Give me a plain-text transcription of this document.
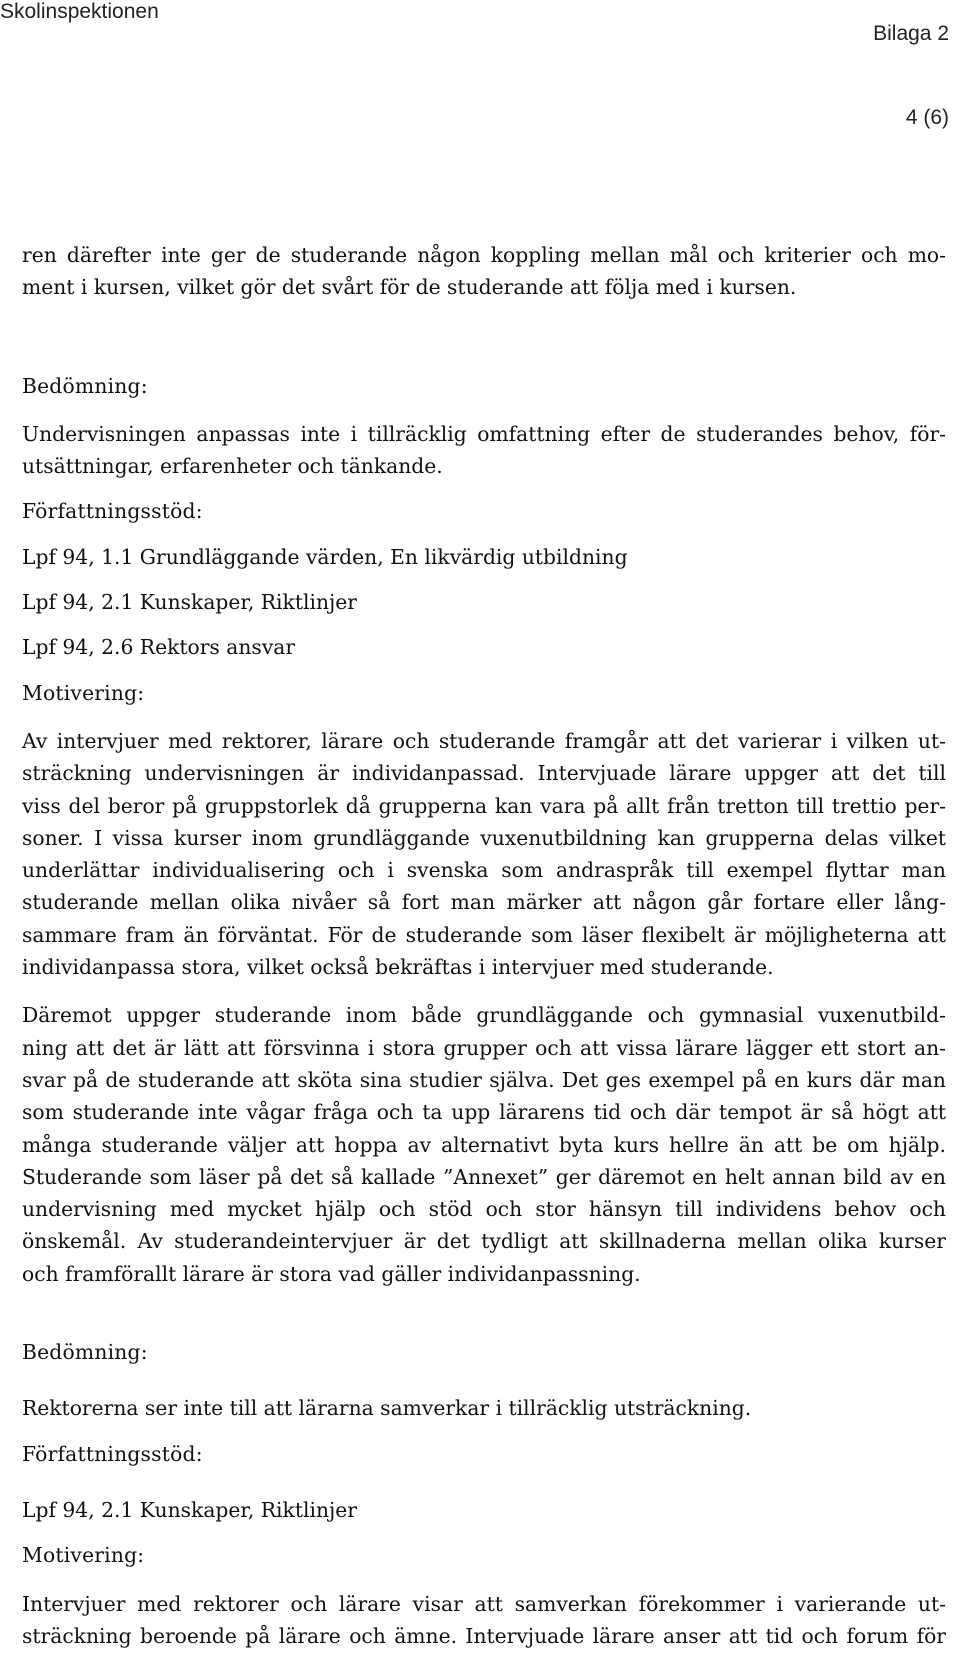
Skolinspektionen
Bilaga 2
4 (6)

ren därefter inte ger de studerande någon koppling mellan mål och kriterier och mo-
ment i kursen, vilket gör det svårt för de studerande att följa med i kursen.

Bedömning:

Undervisningen anpassas inte i tillräcklig omfattning efter de studerandes behov, för-
utsättningar, erfarenheter och tänkande.

Författningsstöd:

Lpf 94, 1.1 Grundläggande värden, En likvärdig utbildning

Lpf 94, 2.1 Kunskaper, Riktlinjer

Lpf 94, 2.6 Rektors ansvar

Motivering:

Av intervjuer med rektorer, lärare och studerande framgår att det varierar i vilken ut-
sträckning undervisningen är individanpassad. Intervjuade lärare uppger att det till
viss del beror på gruppstorlek då grupperna kan vara på allt från tretton till trettio per-
soner. I vissa kurser inom grundläggande vuxenutbildning kan grupperna delas vilket
underlättar individualisering och i svenska som andraspråk till exempel flyttar man
studerande mellan olika nivåer så fort man märker att någon går fortare eller lång-
sammare fram än förväntat. För de studerande som läser flexibelt är möjligheterna att
individanpassa stora, vilket också bekräftas i intervjuer med studerande.

Däremot uppger studerande inom både grundläggande och gymnasial vuxenutbild-
ning att det är lätt att försvinna i stora grupper och att vissa lärare lägger ett stort an-
svar på de studerande att sköta sina studier själva. Det ges exempel på en kurs där man
som studerande inte vågar fråga och ta upp lärarens tid och där tempot är så högt att
många studerande väljer att hoppa av alternativt byta kurs hellre än att be om hjälp.
Studerande som läser på det så kallade ”Annexet” ger däremot en helt annan bild av en
undervisning med mycket hjälp och stöd och stor hänsyn till individens behov och
önskemål. Av studerandeintervjuer är det tydligt att skillnaderna mellan olika kurser
och framförallt lärare är stora vad gäller individanpassning.

Bedömning:

Rektorerna ser inte till att lärarna samverkar i tillräcklig utsträckning.

Författningsstöd:

Lpf 94, 2.1 Kunskaper, Riktlinjer

Motivering:

Intervjuer med rektorer och lärare visar att samverkan förekommer i varierande ut-
sträckning beroende på lärare och ämne. Intervjuade lärare anser att tid och forum för
